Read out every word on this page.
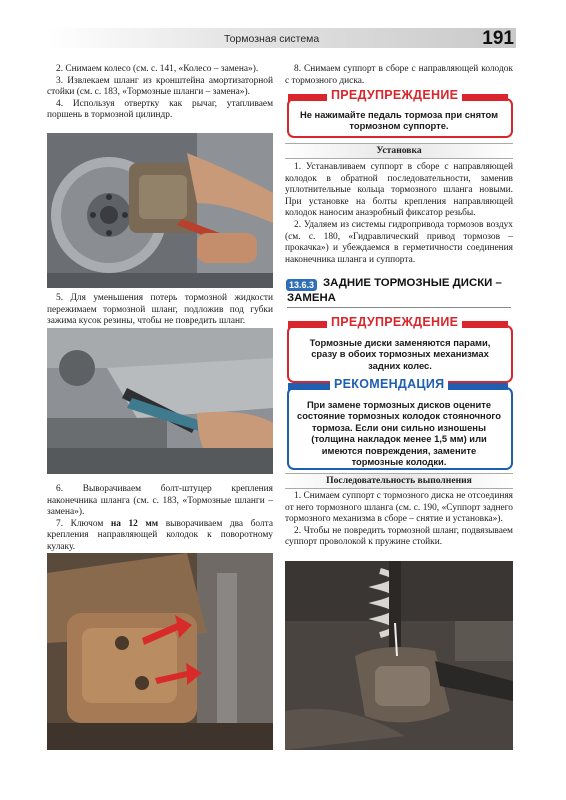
Тормозная система	191

2. Снимаем колесо (см. с. 141, «Колесо – замена»).

3. Извлекаем шланг из кронштейна амортизаторной стойки (см. с. 183, «Тормозные шланги – замена»).

4. Используя отвертку как рычаг, утапливаем поршень в тормозной цилиндр.

5. Для уменьшения потерь тормозной жидкости пережимаем тормозной шланг, подложив под губки зажима кусок резины, чтобы не повредить шланг.

6. Выворачиваем болт-штуцер крепления наконечника шланга (см. с. 183, «Тормозные шланги – замена»).

7. Ключом на 12 мм выворачиваем два болта крепления направляющей колодок к поворотному кулаку.

8. Снимаем суппорт в сборе с направляющей колодок с тормозного диска.

ПРЕДУПРЕЖДЕНИЕ
Не нажимайте педаль тормоза при снятом тормозном суппорте.
Установка

1. Устанавливаем суппорт в сборе с направляющей колодок в обратной последовательности, заменив уплотнительные кольца тормозного шланга новыми. При установке на болты крепления направляющей колодок наносим анаэробный фиксатор резьбы.

2. Удаляем из системы гидропривода тормозов воздух (см. с. 180, «Гидравлический привод тормозов – прокачка») и убеждаемся в герметичности соединения наконечника шланга и суппорта.

13.6.3 ЗАДНИЕ ТОРМОЗНЫЕ ДИСКИ –
ЗАМЕНА
ПРЕДУПРЕЖДЕНИЕ
Тормозные диски заменяются парами, сразу в обоих тормозных механизмах задних колес.
РЕКОМЕНДАЦИЯ
При замене тормозных дисков оцените состояние тормозных колодок стояночного тормоза. Если они сильно изношены (толщина накладок менее 1,5 мм) или имеются повреждения, замените тормозные колодки.
Последовательность выполнения

1. Снимаем суппорт с тормозного диска не отсоединяя от него тормозного шланга (см. с. 190, «Суппорт заднего тормозного механизма в сборе – снятие и установка»).

2. Чтобы не повредить тормозной шланг, подвязываем суппорт проволокой к пружине стойки.
